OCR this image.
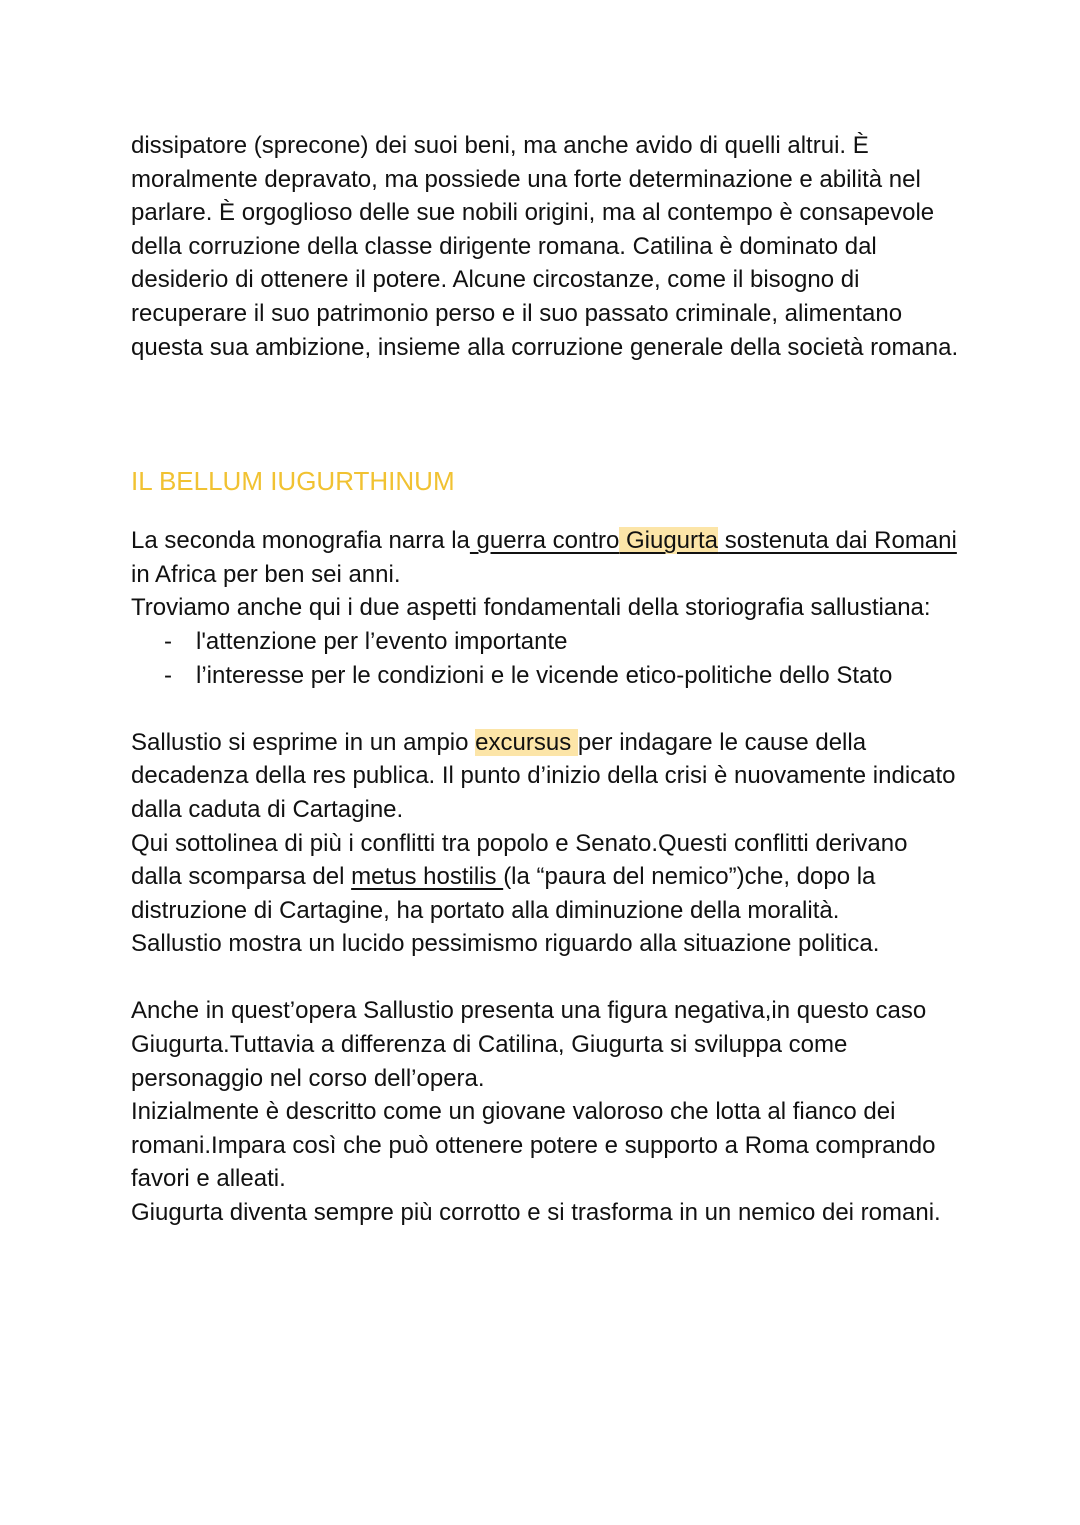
dissipatore (sprecone) dei suoi beni, ma anche avido di quelli altrui. È moralmente depravato, ma possiede una forte determinazione e abilità nel parlare. È orgoglioso delle sue nobili origini, ma al contempo è consapevole della corruzione della classe dirigente romana. Catilina è dominato dal desiderio di ottenere il potere. Alcune circostanze, come il bisogno di recuperare il suo patrimonio perso e il suo passato criminale, alimentano questa sua ambizione, insieme alla corruzione generale della società romana.

IL BELLUM IUGURTHINUM

La seconda monografia narra la guerra contro Giugurta sostenuta dai Romani in Africa per ben sei anni.

Troviamo anche qui i due aspetti fondamentali della storiografia sallustiana:

- l'attenzione per l’evento importante
- l’interesse per le condizioni e le vicende etico-politiche dello Stato

Sallustio si esprime in un ampio excursus per indagare le cause della decadenza della res publica. Il punto d’inizio della crisi è nuovamente indicato dalla caduta di Cartagine.

Qui sottolinea di più i conflitti tra popolo e Senato.Questi conflitti derivano dalla scomparsa del metus hostilis (la “paura del nemico”)che, dopo la distruzione di Cartagine, ha portato alla diminuzione della moralità.

Sallustio mostra un lucido pessimismo riguardo alla situazione politica.

Anche in quest’opera Sallustio presenta una figura negativa,in questo caso Giugurta.Tuttavia a differenza di Catilina, Giugurta si sviluppa come personaggio nel corso dell’opera.

Inizialmente è descritto come un giovane valoroso che lotta al fianco dei romani.Impara così che può ottenere potere e supporto a Roma comprando favori e alleati.

Giugurta diventa sempre più corrotto e si trasforma in un nemico dei romani.
